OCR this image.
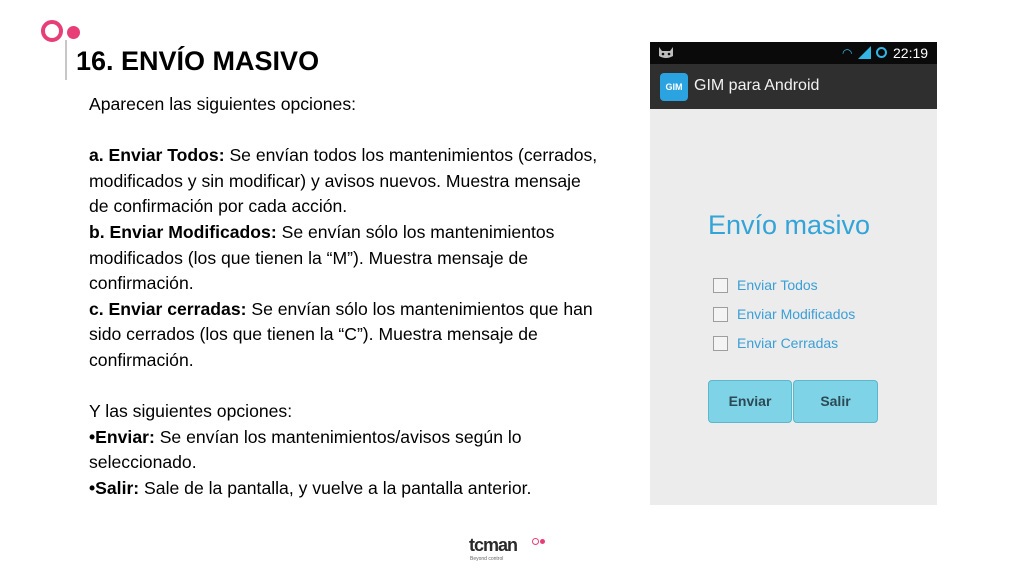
16. ENVÍO MASIVO

Aparecen las siguientes opciones:

a. Enviar Todos: Se envían todos los mantenimientos (cerrados, modificados y sin modificar) y avisos nuevos. Muestra mensaje de confirmación por cada acción.

b. Enviar Modificados: Se envían sólo los mantenimientos modificados (los que tienen la “M”). Muestra mensaje de confirmación.

c. Enviar cerradas: Se envían sólo los mantenimientos que han sido cerrados (los que tienen la “C”). Muestra mensaje de confirmación.

Y las siguientes opciones:

•Enviar: Se envían los mantenimientos/avisos según lo seleccionado.

•Salir: Sale de la pantalla, y vuelve a la pantalla anterior.

◠	22:19
GIM GIM para Android
Envío masivo
Enviar Todos
Enviar Modificados
Enviar Cerradas
Enviar	Salir
tcman
Beyond control
